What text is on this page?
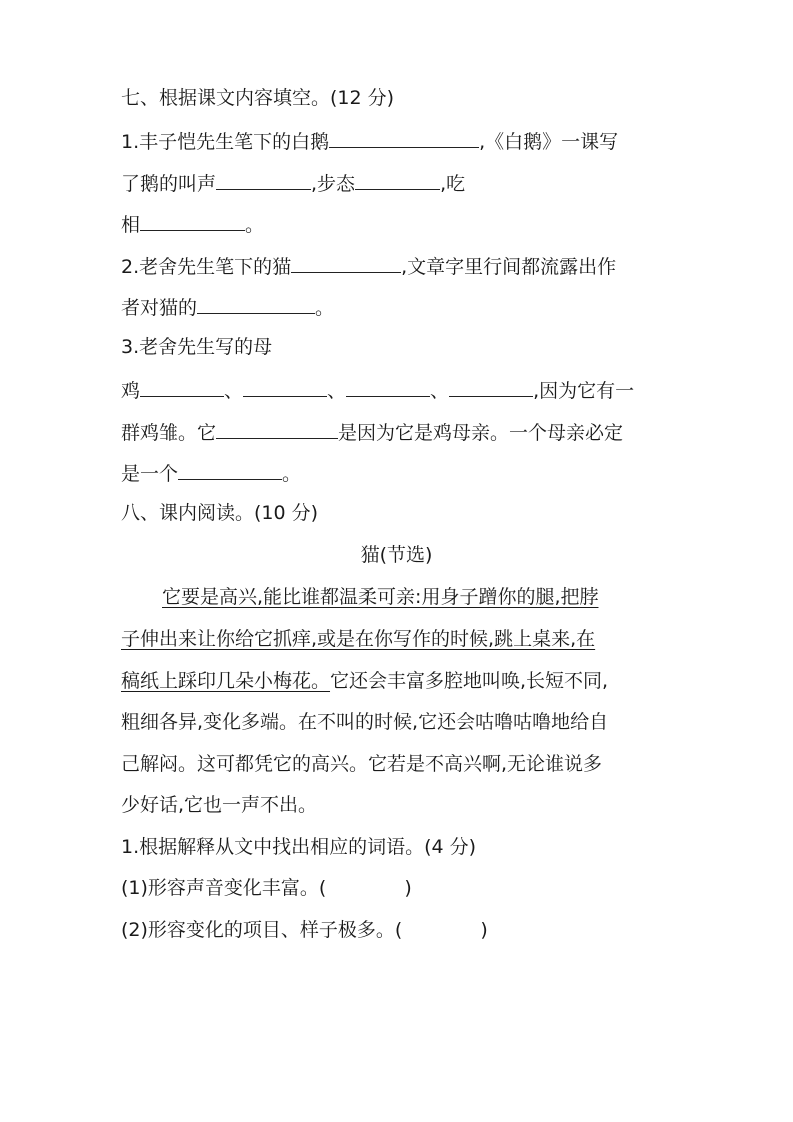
七、根据课文内容填空。(12 分)
1.丰子恺先生笔下的白鹅	,《白鹅》一课写
了鹅的叫声	,步态	,吃
相	。
2.老舍先生笔下的猫	,文章字里行间都流露出作
者对猫的	。
3.老舍先生写的母
鸡	、	、	、	,因为它有一
群鸡雏。它	是因为它是鸡母亲。一个母亲必定
是一个	。
八、课内阅读。(10 分)
猫(节选)
它要是高兴,能比谁都温柔可亲:用身子蹭你的腿,把脖
子伸出来让你给它抓痒,或是在你写作的时候,跳上桌来,在
稿纸上踩印几朵小梅花。它还会丰富多腔地叫唤,长短不同,
粗细各异,变化多端。在不叫的时候,它还会咕噜咕噜地给自
己解闷。这可都凭它的高兴。它若是不高兴啊,无论谁说多
少好话,它也一声不出。
1.根据解释从文中找出相应的词语。(4 分)
(1)形容声音变化丰富。(	)
(2)形容变化的项目、样子极多。(	)
